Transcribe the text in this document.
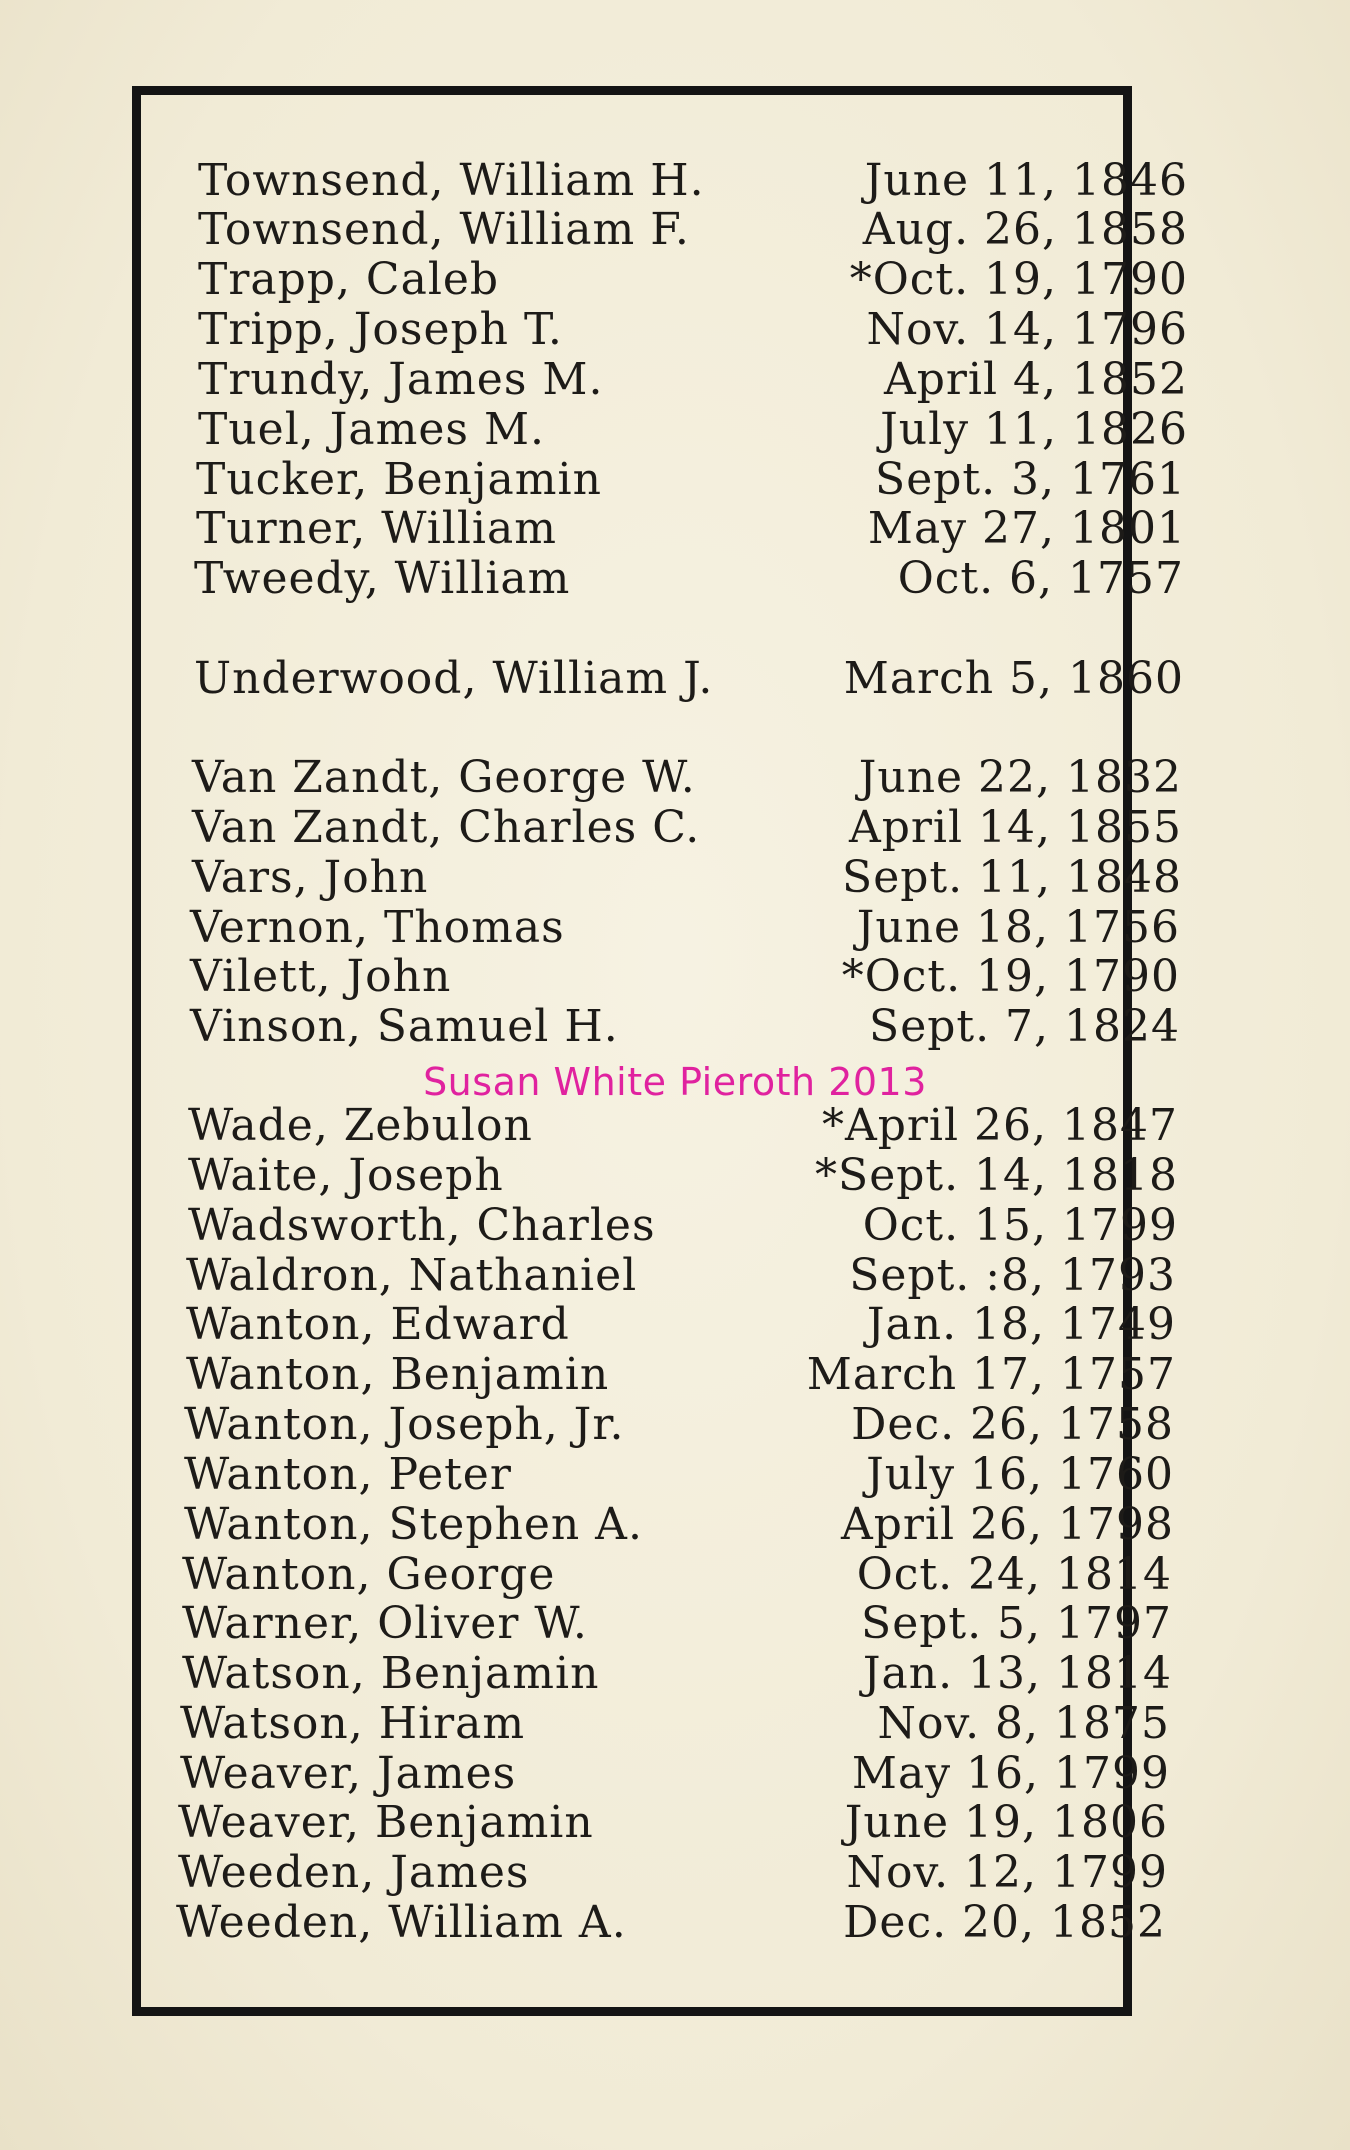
Townsend, William H.	June 11, 1846
Townsend, William F.	Aug. 26, 1858
Trapp, Caleb	*Oct. 19, 1790
Tripp, Joseph T.	Nov. 14, 1796
Trundy, James M.	April 4, 1852
Tuel, James M.	July 11, 1826
Tucker, Benjamin	Sept. 3, 1761
Turner, William	May 27, 1801
Tweedy, William	Oct. 6, 1757
Underwood, William J.	March 5, 1860
Van Zandt, George W.	June 22, 1832
Van Zandt, Charles C.	April 14, 1855
Vars, John	Sept. 11, 1848
Vernon, Thomas	June 18, 1756
Vilett, John	*Oct. 19, 1790
Vinson, Samuel H.	Sept. 7, 1824
Wade, Zebulon	*April 26, 1847
Waite, Joseph	*Sept. 14, 1818
Wadsworth, Charles	Oct. 15, 1799
Waldron, Nathaniel	Sept. :8, 1793
Wanton, Edward	Jan. 18, 1749
Wanton, Benjamin	March 17, 1757
Wanton, Joseph, Jr.	Dec. 26, 1758
Wanton, Peter	July 16, 1760
Wanton, Stephen A.	April 26, 1798
Wanton, George	Oct. 24, 1814
Warner, Oliver W.	Sept. 5, 1797
Watson, Benjamin	Jan. 13, 1814
Watson, Hiram	Nov. 8, 1875
Weaver, James	May 16, 1799
Weaver, Benjamin	June 19, 1806
Weeden, James	Nov. 12, 1799
Weeden, William A.	Dec. 20, 1852
Susan White Pieroth 2013
